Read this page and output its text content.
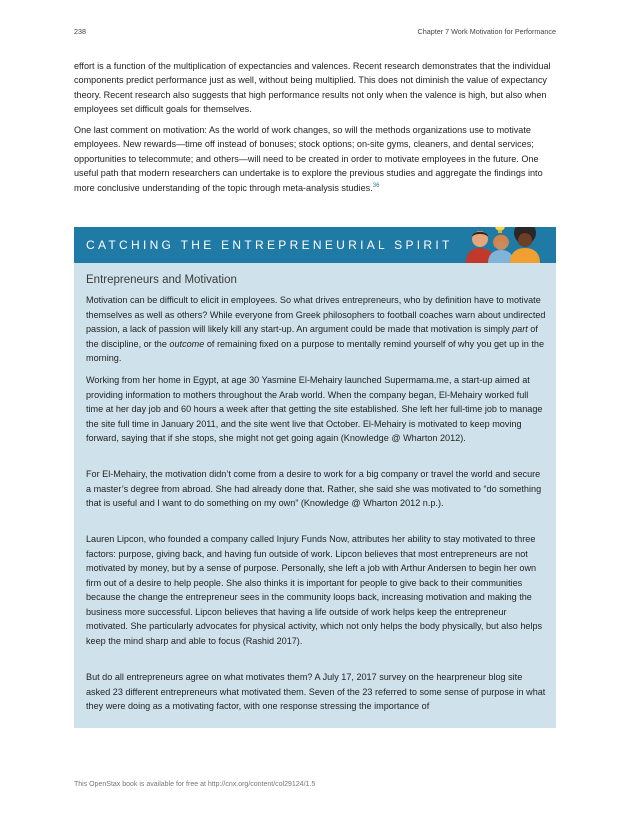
238	Chapter 7 Work Motivation for Performance

effort is a function of the multiplication of expectancies and valences. Recent research demonstrates that the individual components predict performance just as well, without being multiplied. This does not diminish the value of expectancy theory. Recent research also suggests that high performance results not only when the valence is high, but also when employees set difficult goals for themselves.

One last comment on motivation: As the world of work changes, so will the methods organizations use to motivate employees. New rewards—time off instead of bonuses; stock options; on-site gyms, cleaners, and dental services; opportunities to telecommute; and others—will need to be created in order to motivate employees in the future. One useful path that modern researchers can undertake is to explore the previous studies and aggregate the findings into more conclusive understanding of the topic through meta-analysis studies.$^{36}$

CATCHING THE ENTREPRENEURIAL SPIRIT
Entrepreneurs and Motivation

Motivation can be difficult to elicit in employees. So what drives entrepreneurs, who by definition have to motivate themselves as well as others? While everyone from Greek philosophers to football coaches warn about undirected passion, a lack of passion will likely kill any start-up. An argument could be made that motivation is simply part of the discipline, or the outcome of remaining fixed on a purpose to mentally remind yourself of why you get up in the morning.

Working from her home in Egypt, at age 30 Yasmine El-Mehairy launched Supermama.me, a start-up aimed at providing information to mothers throughout the Arab world. When the company began, El-Mehairy worked full time at her day job and 60 hours a week after that getting the site established. She left her full-time job to manage the site full time in January 2011, and the site went live that October. El-Mehairy is motivated to keep moving forward, saying that if she stops, she might not get going again (Knowledge @ Wharton 2012).

For El-Mehairy, the motivation didn’t come from a desire to work for a big company or travel the world and secure a master’s degree from abroad. She had already done that. Rather, she said she was motivated to “do something that is useful and I want to do something on my own” (Knowledge @ Wharton 2012 n.p.).

Lauren Lipcon, who founded a company called Injury Funds Now, attributes her ability to stay motivated to three factors: purpose, giving back, and having fun outside of work. Lipcon believes that most entrepreneurs are not motivated by money, but by a sense of purpose. Personally, she left a job with Arthur Andersen to begin her own firm out of a desire to help people. She also thinks it is important for people to give back to their communities because the change the entrepreneur sees in the community loops back, increasing motivation and making the business more successful. Lipcon believes that having a life outside of work helps keep the entrepreneur motivated. She particularly advocates for physical activity, which not only helps the body physically, but also helps keep the mind sharp and able to focus (Rashid 2017).

But do all entrepreneurs agree on what motivates them? A July 17, 2017 survey on the hearpreneur blog site asked 23 different entrepreneurs what motivated them. Seven of the 23 referred to some sense of purpose in what they were doing as a motivating factor, with one response stressing the importance of

This OpenStax book is available for free at http://cnx.org/content/col29124/1.5
